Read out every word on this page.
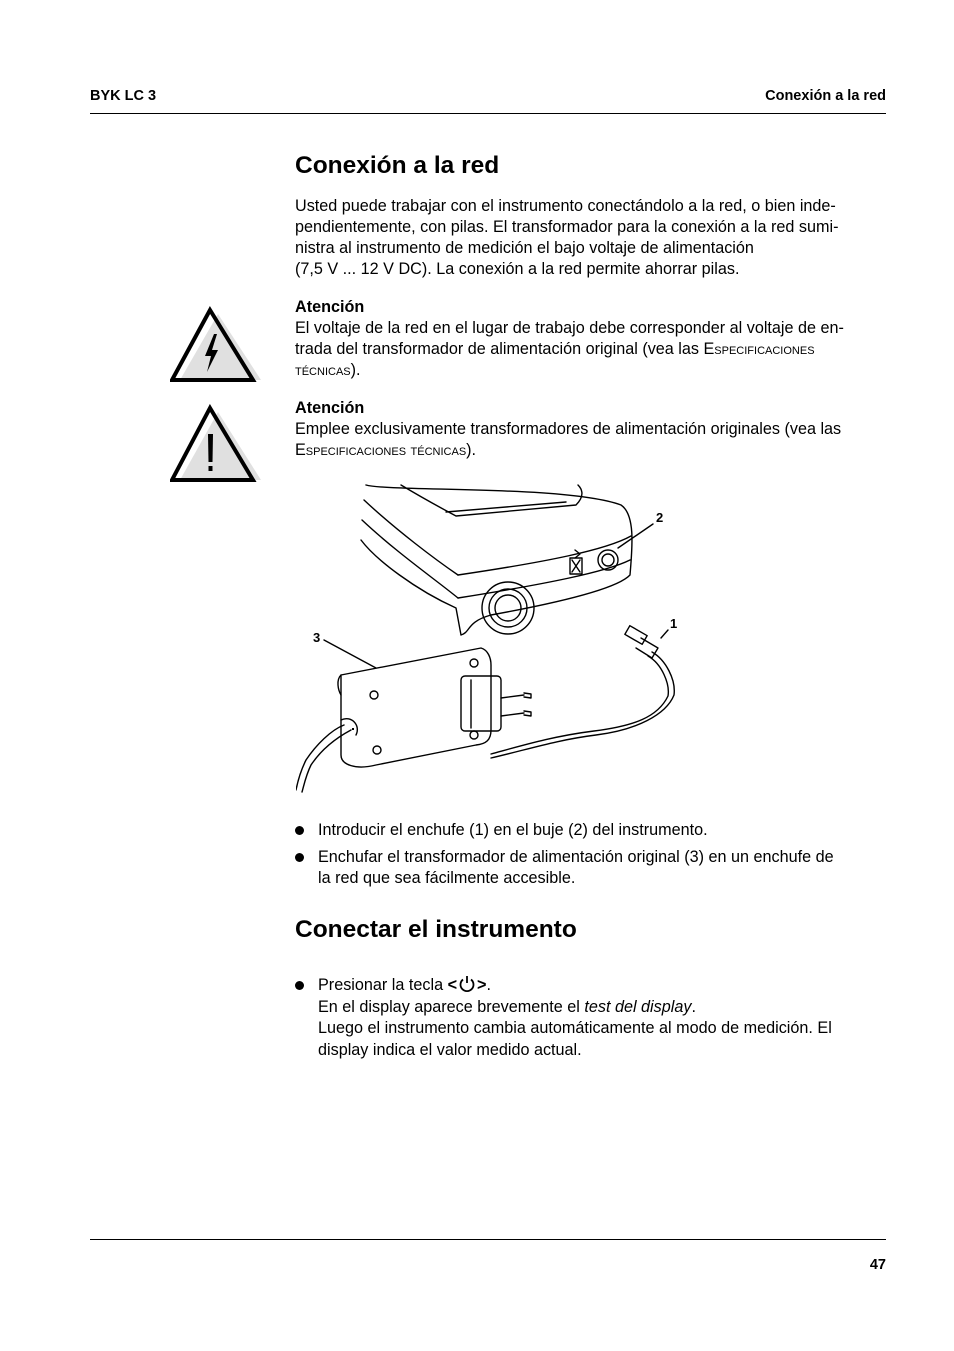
BYK LC 3	Conexión a la red
Conexión a la red

Usted puede trabajar con el instrumento conectándolo a la red, o bien inde-

pendientemente, con pilas. El transformador para la conexión a la red sumi-

nistra al instrumento de medición el bajo voltaje de alimentación

(7,5 V ... 12 V DC). La conexión a la red permite ahorrar pilas.

Atención

El voltaje de la red en el lugar de trabajo debe corresponder al voltaje de en-

trada del transformador de alimentación original (vea las Especificaciones

técnicas).

Atención

Emplee exclusivamente transformadores de alimentación originales (vea las

Especificaciones técnicas).

2
1
3
Introducir el enchufe (1) en el buje (2) del instrumento.
Enchufar el transformador de alimentación original (3) en un enchufe de
la red que sea fácilmente accesible.
Conectar el instrumento
Presionar la tecla < >.
En el display aparece brevemente el test del display.
Luego el instrumento cambia automáticamente al modo de medición. El
display indica el valor medido actual.
47
